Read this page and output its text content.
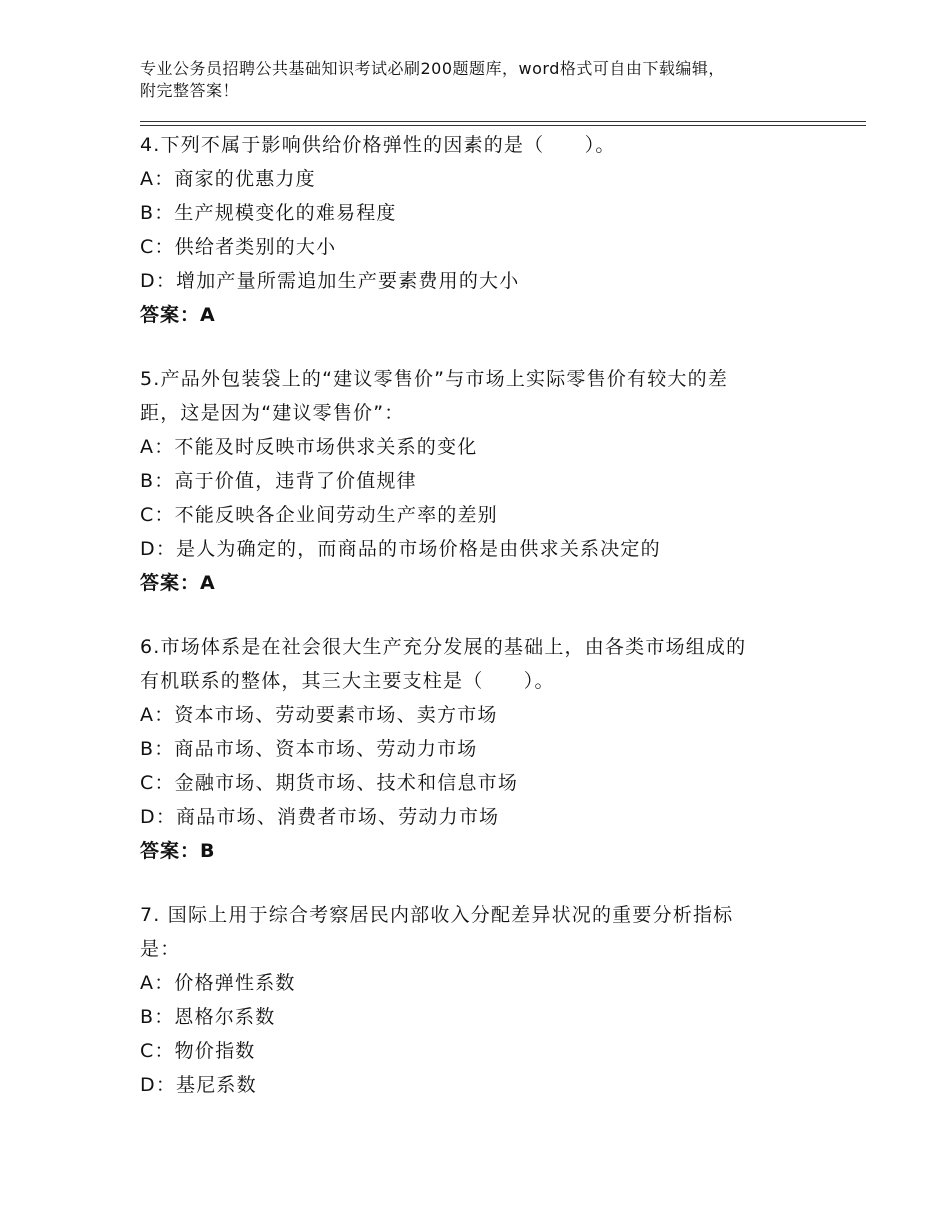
专业公务员招聘公共基础知识考试必刷200题题库，word格式可自由下载编辑，
附完整答案！
4.下列不属于影响供给价格弹性的因素的是（　　）。
A：商家的优惠力度
B：生产规模变化的难易程度
C：供给者类别的大小
D：增加产量所需追加生产要素费用的大小
答案：A
5.产品外包装袋上的“建议零售价”与市场上实际零售价有较大的差
距，这是因为“建议零售价”：
A：不能及时反映市场供求关系的变化
B：高于价值，违背了价值规律
C：不能反映各企业间劳动生产率的差别
D：是人为确定的，而商品的市场价格是由供求关系决定的
答案：A
6.市场体系是在社会很大生产充分发展的基础上，由各类市场组成的
有机联系的整体，其三大主要支柱是（　　）。
A：资本市场、劳动要素市场、卖方市场
B：商品市场、资本市场、劳动力市场
C：金融市场、期货市场、技术和信息市场
D：商品市场、消费者市场、劳动力市场
答案：B
7. 国际上用于综合考察居民内部收入分配差异状况的重要分析指标
是：
A：价格弹性系数
B：恩格尔系数
C：物价指数
D：基尼系数
